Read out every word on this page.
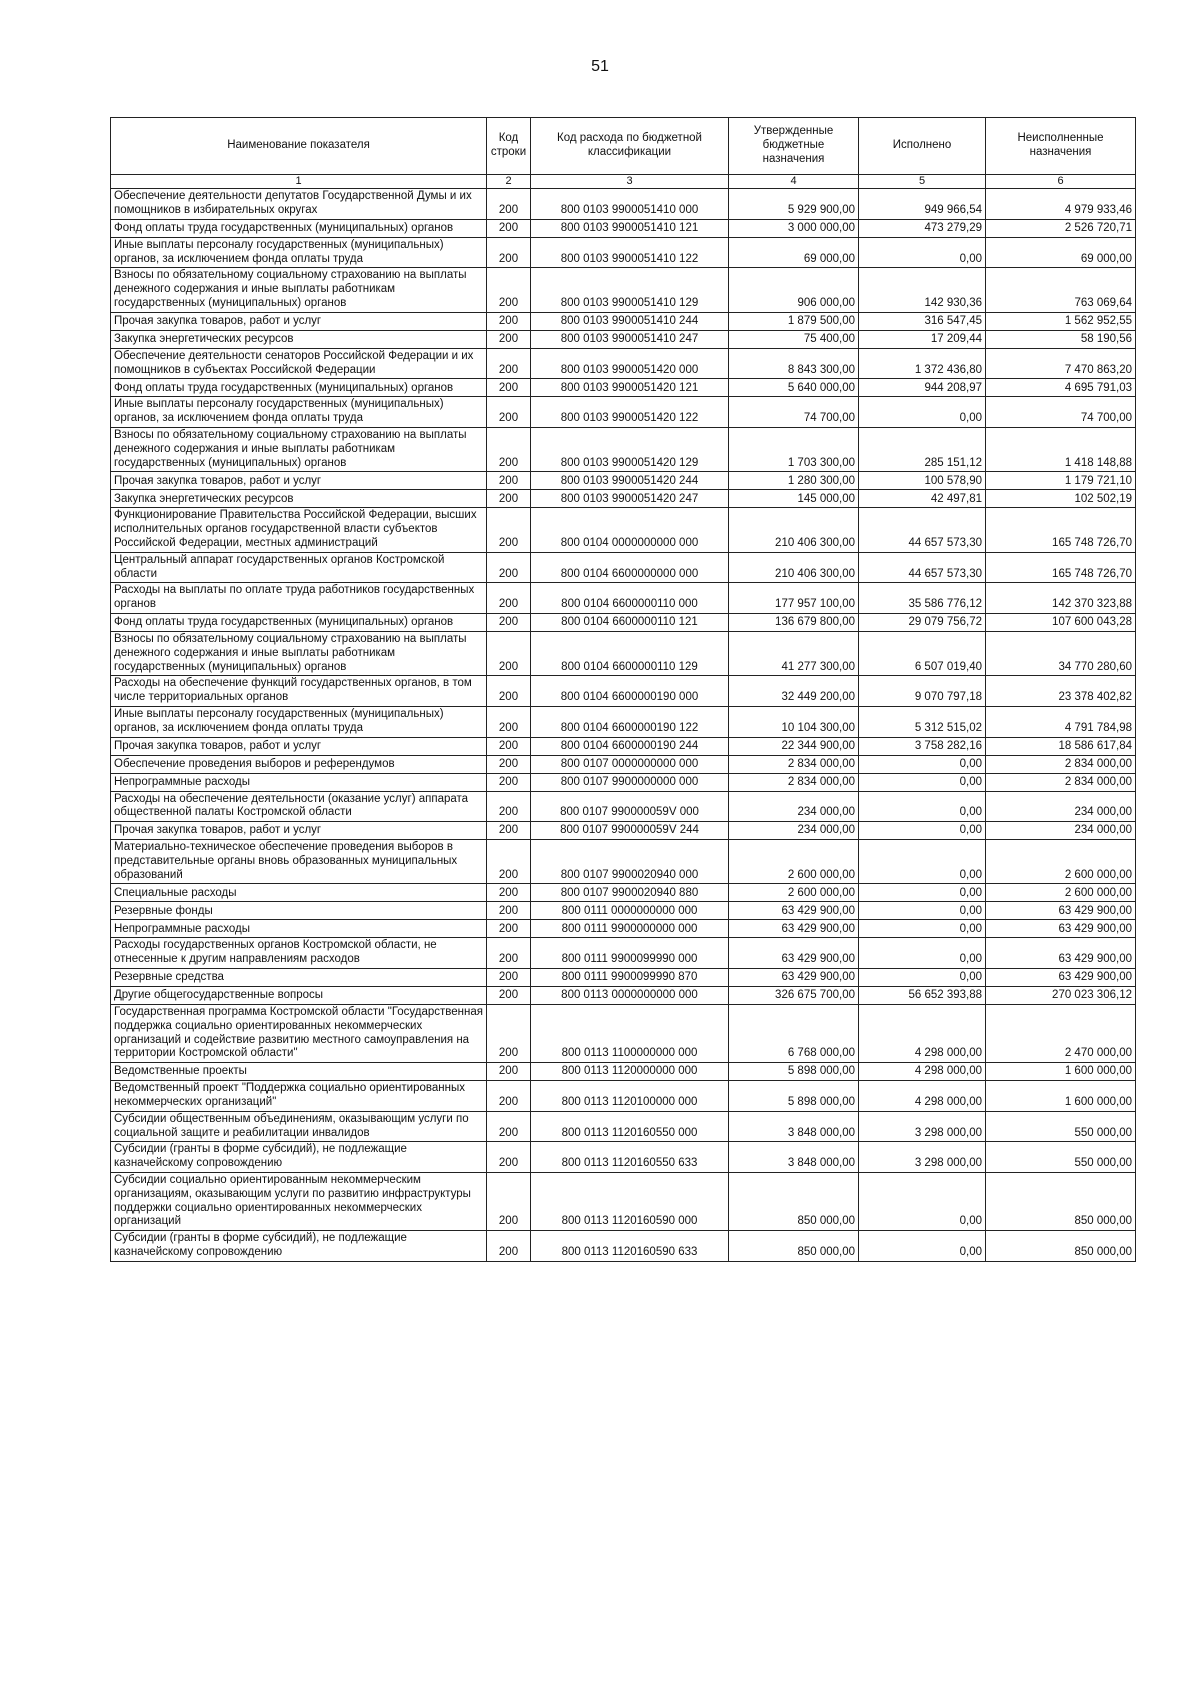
51
Наименование показателя	Код строки	Код расхода по бюджетной классификации	Утвержденные бюджетные назначения	Исполнено	Неисполненные назначения
1	2	3	4	5	6
Обеспечение деятельности депутатов Государственной Думы и их помощников в избирательных округах	200	800 0103 9900051410 000	5 929 900,00	949 966,54	4 979 933,46
Фонд оплаты труда государственных (муниципальных) органов	200	800 0103 9900051410 121	3 000 000,00	473 279,29	2 526 720,71
Иные выплаты персоналу государственных (муниципальных) органов, за исключением фонда оплаты труда	200	800 0103 9900051410 122	69 000,00	0,00	69 000,00
Взносы по обязательному социальному страхованию на выплаты денежного содержания и иные выплаты работникам государственных (муниципальных) органов	200	800 0103 9900051410 129	906 000,00	142 930,36	763 069,64
Прочая закупка товаров, работ и услуг	200	800 0103 9900051410 244	1 879 500,00	316 547,45	1 562 952,55
Закупка энергетических ресурсов	200	800 0103 9900051410 247	75 400,00	17 209,44	58 190,56
Обеспечение деятельности сенаторов Российской Федерации и их помощников в субъектах Российской Федерации	200	800 0103 9900051420 000	8 843 300,00	1 372 436,80	7 470 863,20
Фонд оплаты труда государственных (муниципальных) органов	200	800 0103 9900051420 121	5 640 000,00	944 208,97	4 695 791,03
Иные выплаты персоналу государственных (муниципальных) органов, за исключением фонда оплаты труда	200	800 0103 9900051420 122	74 700,00	0,00	74 700,00
Взносы по обязательному социальному страхованию на выплаты денежного содержания и иные выплаты работникам государственных (муниципальных) органов	200	800 0103 9900051420 129	1 703 300,00	285 151,12	1 418 148,88
Прочая закупка товаров, работ и услуг	200	800 0103 9900051420 244	1 280 300,00	100 578,90	1 179 721,10
Закупка энергетических ресурсов	200	800 0103 9900051420 247	145 000,00	42 497,81	102 502,19
Функционирование Правительства Российской Федерации, высших исполнительных органов государственной власти субъектов Российской Федерации, местных администраций	200	800 0104 0000000000 000	210 406 300,00	44 657 573,30	165 748 726,70
Центральный аппарат государственных органов Костромской области	200	800 0104 6600000000 000	210 406 300,00	44 657 573,30	165 748 726,70
Расходы на выплаты по оплате труда работников государственных органов	200	800 0104 6600000110 000	177 957 100,00	35 586 776,12	142 370 323,88
Фонд оплаты труда государственных (муниципальных) органов	200	800 0104 6600000110 121	136 679 800,00	29 079 756,72	107 600 043,28
Взносы по обязательному социальному страхованию на выплаты денежного содержания и иные выплаты работникам государственных (муниципальных) органов	200	800 0104 6600000110 129	41 277 300,00	6 507 019,40	34 770 280,60
Расходы на обеспечение функций государственных органов, в том числе территориальных органов	200	800 0104 6600000190 000	32 449 200,00	9 070 797,18	23 378 402,82
Иные выплаты персоналу государственных (муниципальных) органов, за исключением фонда оплаты труда	200	800 0104 6600000190 122	10 104 300,00	5 312 515,02	4 791 784,98
Прочая закупка товаров, работ и услуг	200	800 0104 6600000190 244	22 344 900,00	3 758 282,16	18 586 617,84
Обеспечение проведения выборов и референдумов	200	800 0107 0000000000 000	2 834 000,00	0,00	2 834 000,00
Непрограммные расходы	200	800 0107 9900000000 000	2 834 000,00	0,00	2 834 000,00
Расходы на обеспечение деятельности (оказание услуг) аппарата общественной палаты Костромской области	200	800 0107 990000059V 000	234 000,00	0,00	234 000,00
Прочая закупка товаров, работ и услуг	200	800 0107 990000059V 244	234 000,00	0,00	234 000,00
Материально-техническое обеспечение проведения выборов в представительные органы вновь образованных муниципальных образований	200	800 0107 9900020940 000	2 600 000,00	0,00	2 600 000,00
Специальные расходы	200	800 0107 9900020940 880	2 600 000,00	0,00	2 600 000,00
Резервные фонды	200	800 0111 0000000000 000	63 429 900,00	0,00	63 429 900,00
Непрограммные расходы	200	800 0111 9900000000 000	63 429 900,00	0,00	63 429 900,00
Расходы государственных органов Костромской области, не отнесенные к другим направлениям расходов	200	800 0111 9900099990 000	63 429 900,00	0,00	63 429 900,00
Резервные средства	200	800 0111 9900099990 870	63 429 900,00	0,00	63 429 900,00
Другие общегосударственные вопросы	200	800 0113 0000000000 000	326 675 700,00	56 652 393,88	270 023 306,12
Государственная программа Костромской области "Государственная поддержка социально ориентированных некоммерческих организаций и содействие развитию местного самоуправления на территории Костромской области"	200	800 0113 1100000000 000	6 768 000,00	4 298 000,00	2 470 000,00
Ведомственные проекты	200	800 0113 1120000000 000	5 898 000,00	4 298 000,00	1 600 000,00
Ведомственный проект "Поддержка социально ориентированных некоммерческих организаций"	200	800 0113 1120100000 000	5 898 000,00	4 298 000,00	1 600 000,00
Субсидии общественным объединениям, оказывающим услуги по социальной защите и реабилитации инвалидов	200	800 0113 1120160550 000	3 848 000,00	3 298 000,00	550 000,00
Субсидии (гранты в форме субсидий), не подлежащие казначейскому сопровождению	200	800 0113 1120160550 633	3 848 000,00	3 298 000,00	550 000,00
Субсидии социально ориентированным некоммерческим организациям, оказывающим услуги по развитию инфраструктуры поддержки социально ориентированных некоммерческих организаций	200	800 0113 1120160590 000	850 000,00	0,00	850 000,00
Субсидии (гранты в форме субсидий), не подлежащие казначейскому сопровождению	200	800 0113 1120160590 633	850 000,00	0,00	850 000,00
